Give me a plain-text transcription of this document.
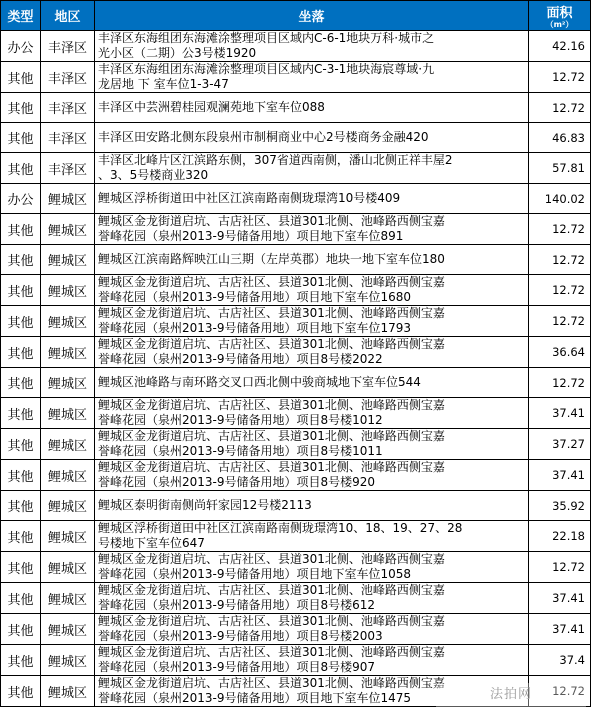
类型	地区	坐落	面积
（m²）

办公	丰泽区	丰泽区东海组团东海滩涂整理项目区域内C-6-1地块万科·城市之
光小区（二期）公3号楼1920	42.16
其他	丰泽区	丰泽区东海组团东海滩涂整理项目区域内C-3-1地块海宸尊域·九
龙居地 下 室车位1-3-47	12.72
其他	丰泽区	丰泽区中芸洲碧桂园观澜苑地下室车位088	12.72
其他	丰泽区	丰泽区田安路北侧东段泉州市制桐商业中心2号楼商务金融420	46.83
其他	丰泽区	丰泽区北峰片区江滨路东侧，307省道西南侧，潘山北侧正祥丰屋2
、3、5号楼商业320	57.81
办公	鲤城区	鲤城区浮桥街道田中社区江滨南路南侧珑璟湾10号楼409	140.02
其他	鲤城区	鲤城区金龙街道启坑、古店社区、县道301北侧、池峰路西侧宝嘉
誉峰花园（泉州2013-9号储备用地）项目地下室车位891	12.72
其他	鲤城区	鲤城区江滨南路辉映江山三期（左岸英郡）地块一地下室车位180	12.72
其他	鲤城区	鲤城区金龙街道启坑、古店社区、县道301北侧、池峰路西侧宝嘉
誉峰花园（泉州2013-9号储备用地）项目地下室车位1680	12.72
其他	鲤城区	鲤城区金龙街道启坑、古店社区、县道301北侧、池峰路西侧宝嘉
誉峰花园（泉州2013-9号储备用地）项目地下室车位1793	12.72
其他	鲤城区	鲤城区金龙街道启坑、古店社区、县道301北侧、池峰路西侧宝嘉
誉峰花园（泉州2013-9号储备用地）项目8号楼2022	36.64
其他	鲤城区	鲤城区池峰路与南环路交叉口西北侧中骏商城地下室车位544	12.72
其他	鲤城区	鲤城区金龙街道启坑、古店社区、县道301北侧、池峰路西侧宝嘉
誉峰花园（泉州2013-9号储备用地）项目8号楼1012	37.41
其他	鲤城区	鲤城区金龙街道启坑、古店社区、县道301北侧、池峰路西侧宝嘉
誉峰花园（泉州2013-9号储备用地）项目8号楼1011	37.27
其他	鲤城区	鲤城区金龙街道启坑、古店社区、县道301北侧、池峰路西侧宝嘉
誉峰花园（泉州2013-9号储备用地）项目8号楼920	37.41
其他	鲤城区	鲤城区泰明街南侧尚轩家园12号楼2113	35.92
其他	鲤城区	鲤城区浮桥街道田中社区江滨南路南侧珑璟湾10、18、19、27、28
号楼地下室车位647	22.18
其他	鲤城区	鲤城区金龙街道启坑、古店社区、县道301北侧、池峰路西侧宝嘉
誉峰花园（泉州2013-9号储备用地）项目地下室车位1058	12.72
其他	鲤城区	鲤城区金龙街道启坑、古店社区、县道301北侧、池峰路西侧宝嘉
誉峰花园（泉州2013-9号储备用地）项目8号楼612	37.41
其他	鲤城区	鲤城区金龙街道启坑、古店社区、县道301北侧、池峰路西侧宝嘉
誉峰花园（泉州2013-9号储备用地）项目8号楼2003	37.41
其他	鲤城区	鲤城区金龙街道启坑、古店社区、县道301北侧、池峰路西侧宝嘉
誉峰花园（泉州2013-9号储备用地）项目8号楼907	37.4
其他	鲤城区	鲤城区金龙街道启坑、古店社区、县道301北侧、池峰路西侧宝嘉
誉峰花园（泉州2013-9号储备用地）项目地下室车位1475	12.72
法拍网
